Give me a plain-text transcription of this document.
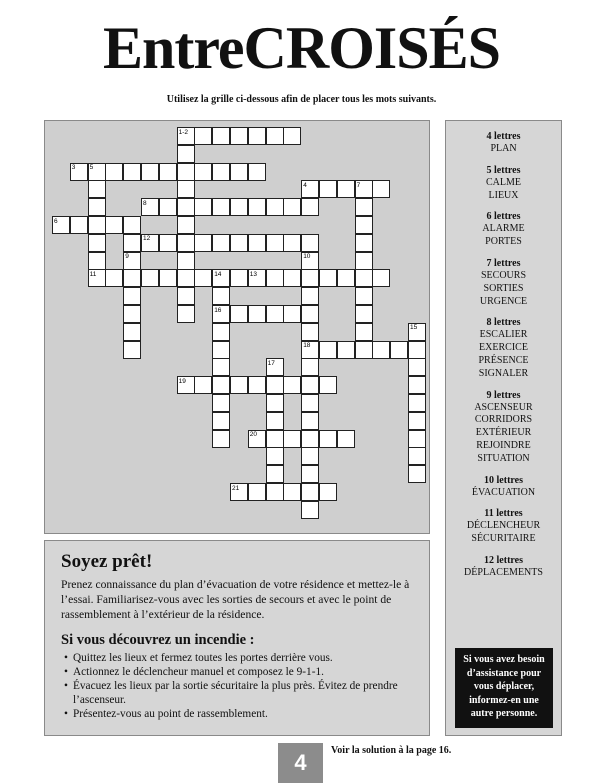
EntreCROISÉS
Utilisez la grille ci-dessous afin de placer tous les mots suivants.
1-2
3 5
4	7
8
6
12
9	10
11	14	13
16
15
18
17
19
20
21
4 lettres
PLAN
5 lettres
CALME
LIEUX
6 lettres
ALARME
PORTES
7 lettres
SECOURS
SORTIES
URGENCE
8 lettres
ESCALIER
EXERCICE
PRÉSENCE
SIGNALER
9 lettres
ASCENSEUR
CORRIDORS
EXTÉRIEUR
REJOINDRE
SITUATION
10 lettres
ÉVACUATION
11 lettres
DÉCLENCHEUR
SÉCURITAIRE
12 lettres
DÉPLACEMENTS
Si vous avez besoin d’assistance pour vous déplacer, informez-en une autre personne.
Soyez prêt!

Prenez connaissance du plan d’évacuation de votre résidence et mettez-le à l’essai. Familiarisez-vous avec les sorties de secours et avec le point de rassemblement à l’extérieur de la résidence.

Si vous découvrez un incendie :
• Quittez les lieux et fermez toutes les portes derrière vous.
• Actionnez le déclencheur manuel et composez le 9-1-1.
• Évacuez les lieux par la sortie sécuritaire la plus près. Évitez de prendre l’ascenseur.
• Présentez-vous au point de rassemblement.
4	Voir la solution à la page 16.
